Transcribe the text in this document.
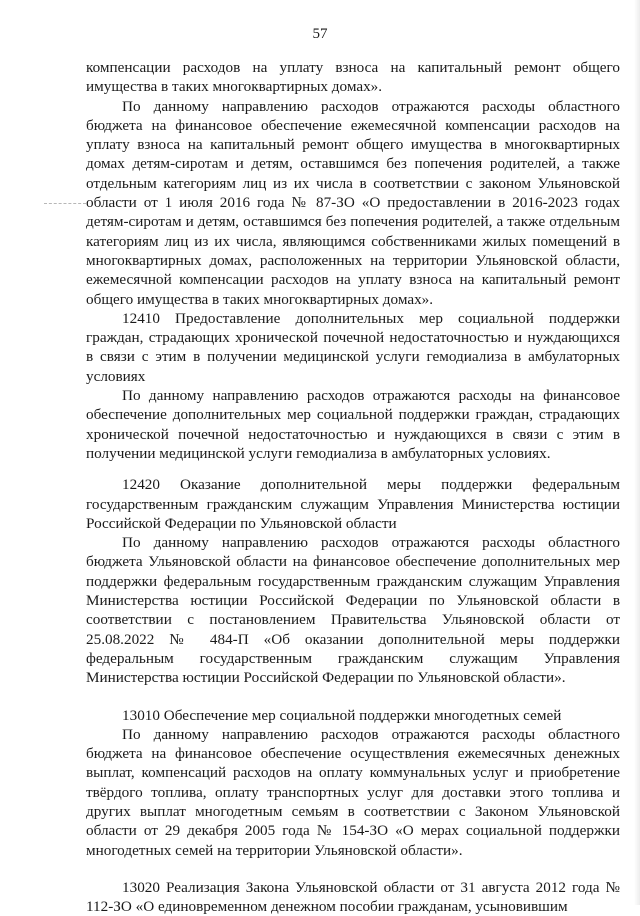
57

компенсации расходов на уплату взноса на капитальный ремонт общего имущества в таких многоквартирных домах».

По данному направлению расходов отражаются расходы областного бюджета на финансовое обеспечение ежемесячной компенсации расходов на уплату взноса на капитальный ремонт общего имущества в многоквартирных домах детям-сиротам и детям, оставшимся без попечения родителей, а также отдельным категориям лиц из их числа в соответствии с законом Ульяновской области от 1 июля 2016 года № 87-ЗО «О предоставлении в 2016-2023 годах детям-сиротам и детям, оставшимся без попечения родителей, а также отдельным категориям лиц из их числа, являющимся собственниками жилых помещений в многоквартирных домах, расположенных на территории Ульяновской области, ежемесячной компенсации расходов на уплату взноса на капитальный ремонт общего имущества в таких многоквартирных домах».

12410 Предоставление дополнительных мер социальной поддержки граждан, страдающих хронической почечной недостаточностью и нуждающихся в связи с этим в получении медицинской услуги гемодиализа в амбулаторных условиях

По данному направлению расходов отражаются расходы на финансовое обеспечение дополнительных мер социальной поддержки граждан, страдающих хронической почечной недостаточностью и нуждающихся в связи с этим в получении медицинской услуги гемодиализа в амбулаторных условиях.

12420 Оказание дополнительной меры поддержки федеральным государственным гражданским служащим Управления Министерства юстиции Российской Федерации по Ульяновской области

По данному направлению расходов отражаются расходы областного бюджета Ульяновской области на финансовое обеспечение дополнительных мер поддержки федеральным государственным гражданским служащим Управления Министерства юстиции Российской Федерации по Ульяновской области в соответствии с постановлением Правительства Ульяновской области от 25.08.2022 № 484-П «Об оказании дополнительной меры поддержки федеральным государственным гражданским служащим Управления Министерства юстиции Российской Федерации по Ульяновской области».

13010 Обеспечение мер социальной поддержки многодетных семей

По данному направлению расходов отражаются расходы областного бюджета на финансовое обеспечение осуществления ежемесячных денежных выплат, компенсаций расходов на оплату коммунальных услуг и приобретение твёрдого топлива, оплату транспортных услуг для доставки этого топлива и других выплат многодетным семьям в соответствии с Законом Ульяновской области от 29 декабря 2005 года № 154-ЗО «О мерах социальной поддержки многодетных семей на территории Ульяновской области».

13020 Реализация Закона Ульяновской области от 31 августа 2012 года № 112-ЗО «О единовременном денежном пособии гражданам, усыновившим
